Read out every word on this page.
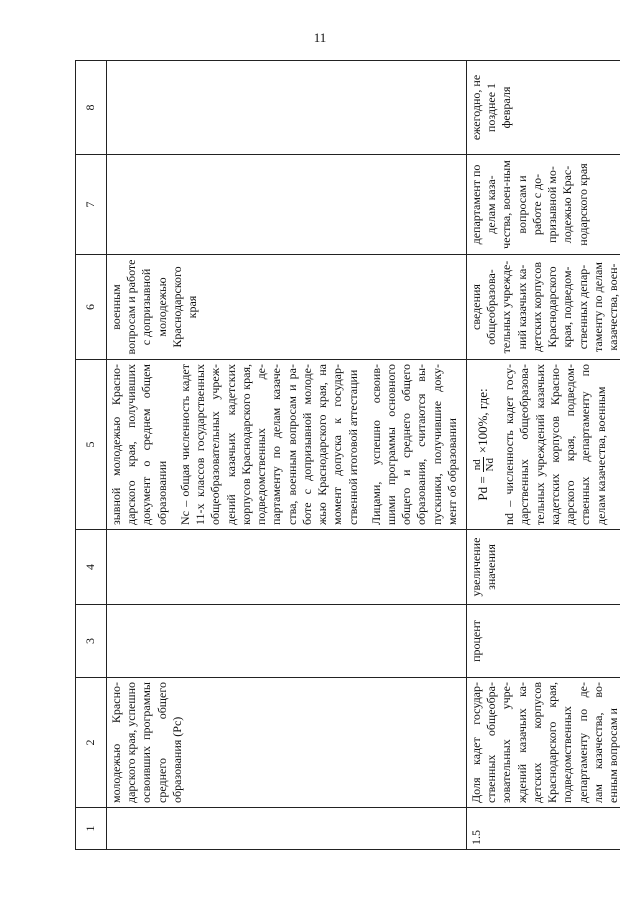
11
1
2
3
4
5
6
7
8
молодежью Красно-дарского края, успешно освоивших программы среднего общего образования (Pc)

зывной молодежью Красно-дарского края, получивших документ о среднем общем образовании Nc – общая численность кадет 11-х классов государственных общеобразовательных учреж-дений казачьих кадетских корпусов Краснодарского края, подведомственных де-партаменту по делам казаче-ства, военным вопросам и ра-боте с допризывной молоде-жью Краснодарского края, на момент допуска к государ-ственной итоговой аттестации Лицами, успешно освоив-шими программы основного общего и среднего общего образования, считаются вы-пускники, получившие доку-мент об образовании

военным вопросам и работе с допризывной молодежью Краснодарского края
1.5
Доля кадет государ-ственных общеобра-зовательных учре-ждений казачьих ка-детских корпусов Краснодарского края, подведомственных департаменту по де-лам казачества, во-енным вопросам и
процент
увеличение значения
Pd =
nd Nd
×100%, где: nd – численность кадет госу-дарственных общеобразова-тельных учреждений казачьих кадетских корпусов Красно-дарского края, подведом-ственных департаменту по делам казачества, военным
сведения общеобразова-тельных учрежде-ний казачьих ка-детских корпусов Краснодарского края, подведом-ственных депар-таменту по делам казачества, воен-
департамент по делам каза-чества, воен-ным вопросам и работе с до-призывной мо-лодежью Крас-нодарского края
ежегодно, не позднее 1 февраля
